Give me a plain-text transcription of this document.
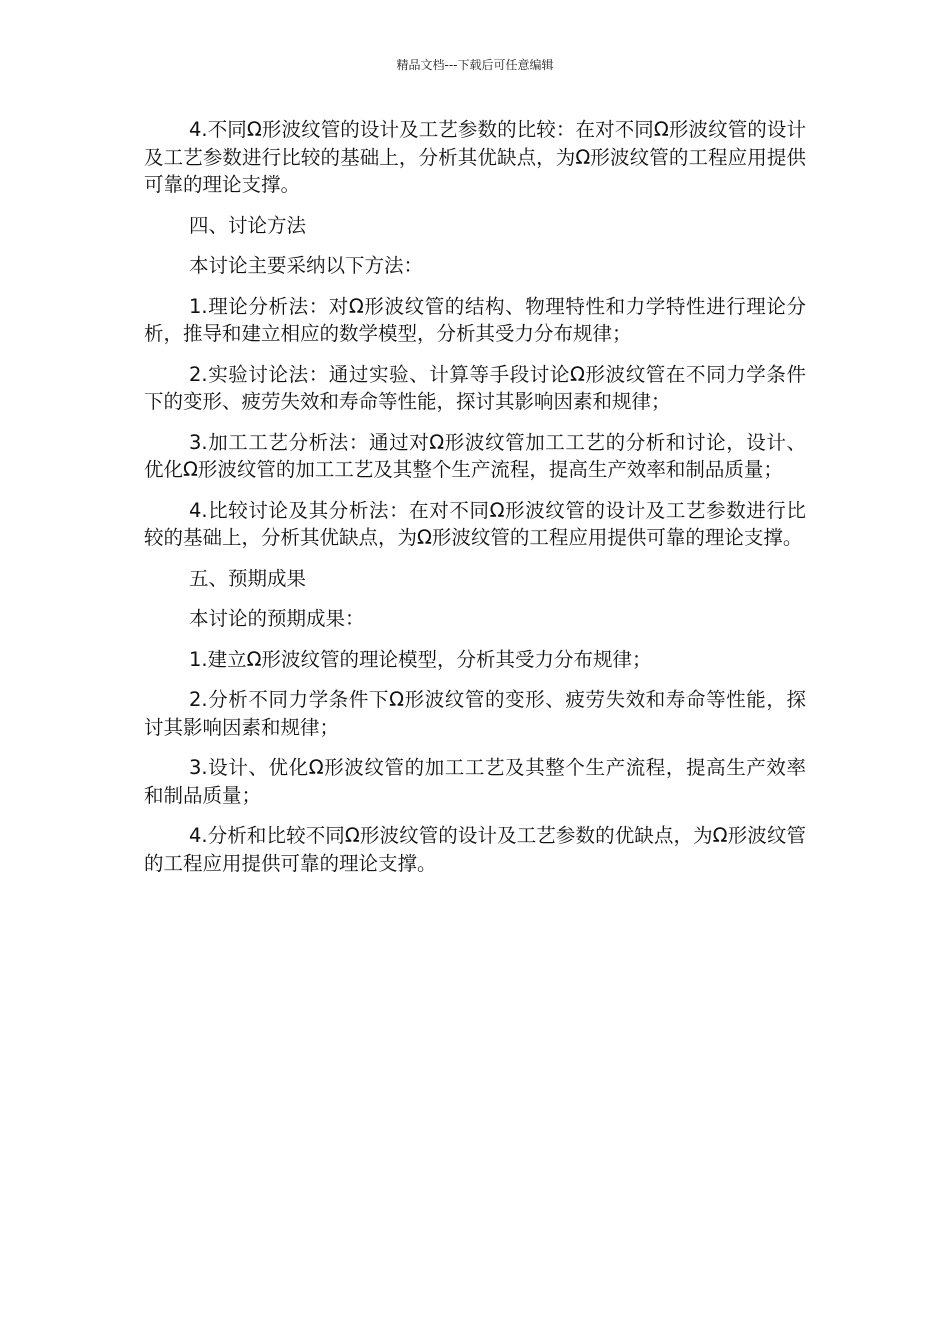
精品文档---下载后可任意编辑

4.不同Ω形波纹管的设计及工艺参数的比较：在对不同Ω形波纹管的设计及工艺参数进行比较的基础上，分析其优缺点，为Ω形波纹管的工程应用提供可靠的理论支撑。

四、讨论方法

本讨论主要采纳以下方法：

1.理论分析法：对Ω形波纹管的结构、物理特性和力学特性进行理论分析，推导和建立相应的数学模型，分析其受力分布规律；

2.实验讨论法：通过实验、计算等手段讨论Ω形波纹管在不同力学条件下的变形、疲劳失效和寿命等性能，探讨其影响因素和规律；

3.加工工艺分析法：通过对Ω形波纹管加工工艺的分析和讨论，设计、优化Ω形波纹管的加工工艺及其整个生产流程，提高生产效率和制品质量；

4.比较讨论及其分析法：在对不同Ω形波纹管的设计及工艺参数进行比较的基础上，分析其优缺点，为Ω形波纹管的工程应用提供可靠的理论支撑。

五、预期成果

本讨论的预期成果：

1.建立Ω形波纹管的理论模型，分析其受力分布规律；

2.分析不同力学条件下Ω形波纹管的变形、疲劳失效和寿命等性能，探讨其影响因素和规律；

3.设计、优化Ω形波纹管的加工工艺及其整个生产流程，提高生产效率和制品质量；

4.分析和比较不同Ω形波纹管的设计及工艺参数的优缺点，为Ω形波纹管的工程应用提供可靠的理论支撑。
